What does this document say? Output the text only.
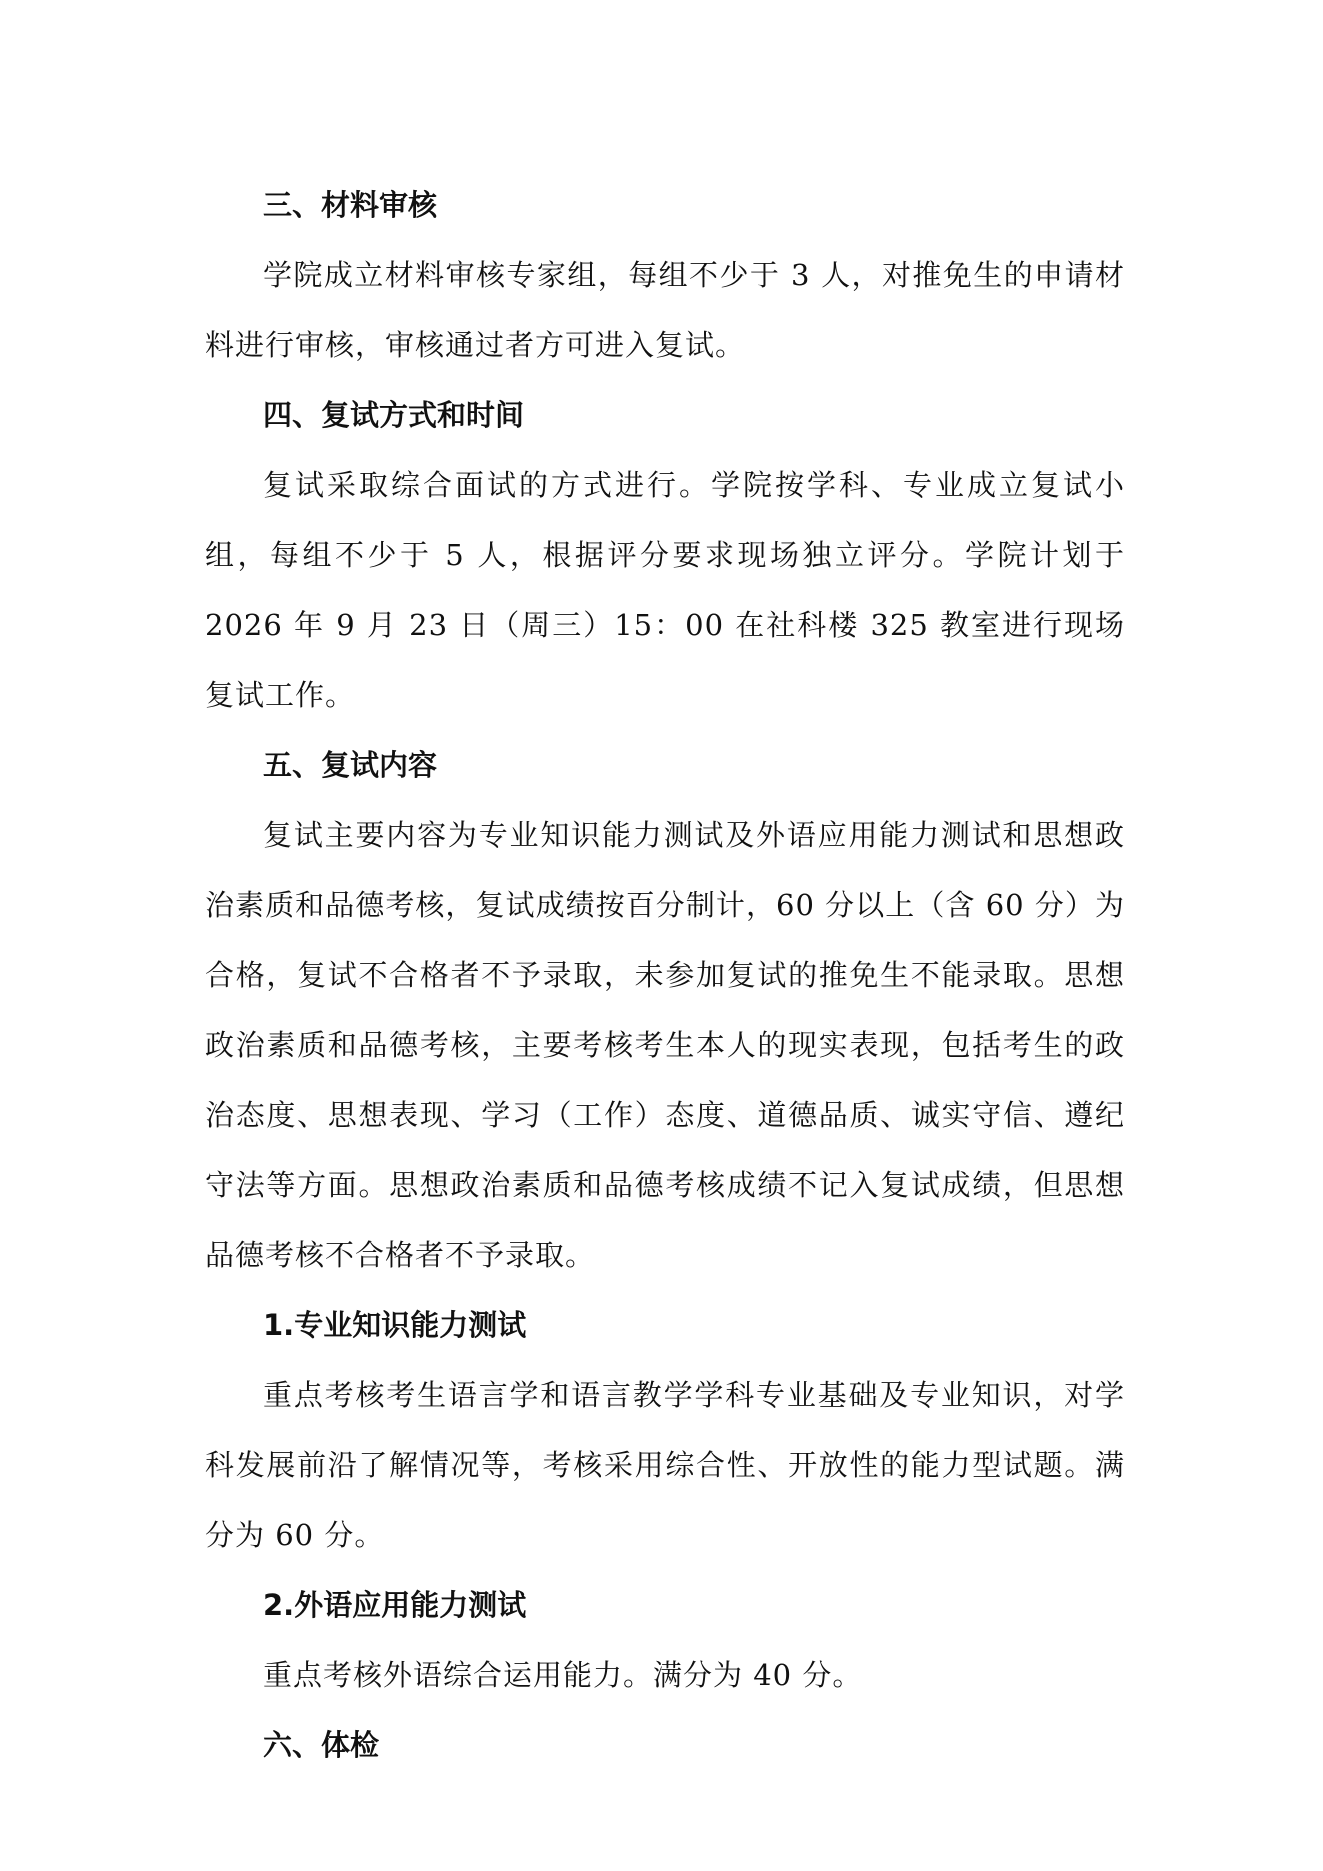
三、材料审核

学院成立材料审核专家组，每组不少于 3 人，对推免生的申请材料进行审核，审核通过者方可进入复试。

四、复试方式和时间

复试采取综合面试的方式进行。学院按学科、专业成立复试小组，每组不少于 5 人，根据评分要求现场独立评分。学院计划于 2026 年 9 月 23 日（周三）15：00 在社科楼 325 教室进行现场复试工作。

五、复试内容

复试主要内容为专业知识能力测试及外语应用能力测试和思想政治素质和品德考核，复试成绩按百分制计，60 分以上（含 60 分）为合格，复试不合格者不予录取，未参加复试的推免生不能录取。思想政治素质和品德考核，主要考核考生本人的现实表现，包括考生的政治态度、思想表现、学习（工作）态度、道德品质、诚实守信、遵纪守法等方面。思想政治素质和品德考核成绩不记入复试成绩，但思想品德考核不合格者不予录取。

1.专业知识能力测试

重点考核考生语言学和语言教学学科专业基础及专业知识，对学科发展前沿了解情况等，考核采用综合性、开放性的能力型试题。满分为 60 分。

2.外语应用能力测试

重点考核外语综合运用能力。满分为 40 分。

六、体检
